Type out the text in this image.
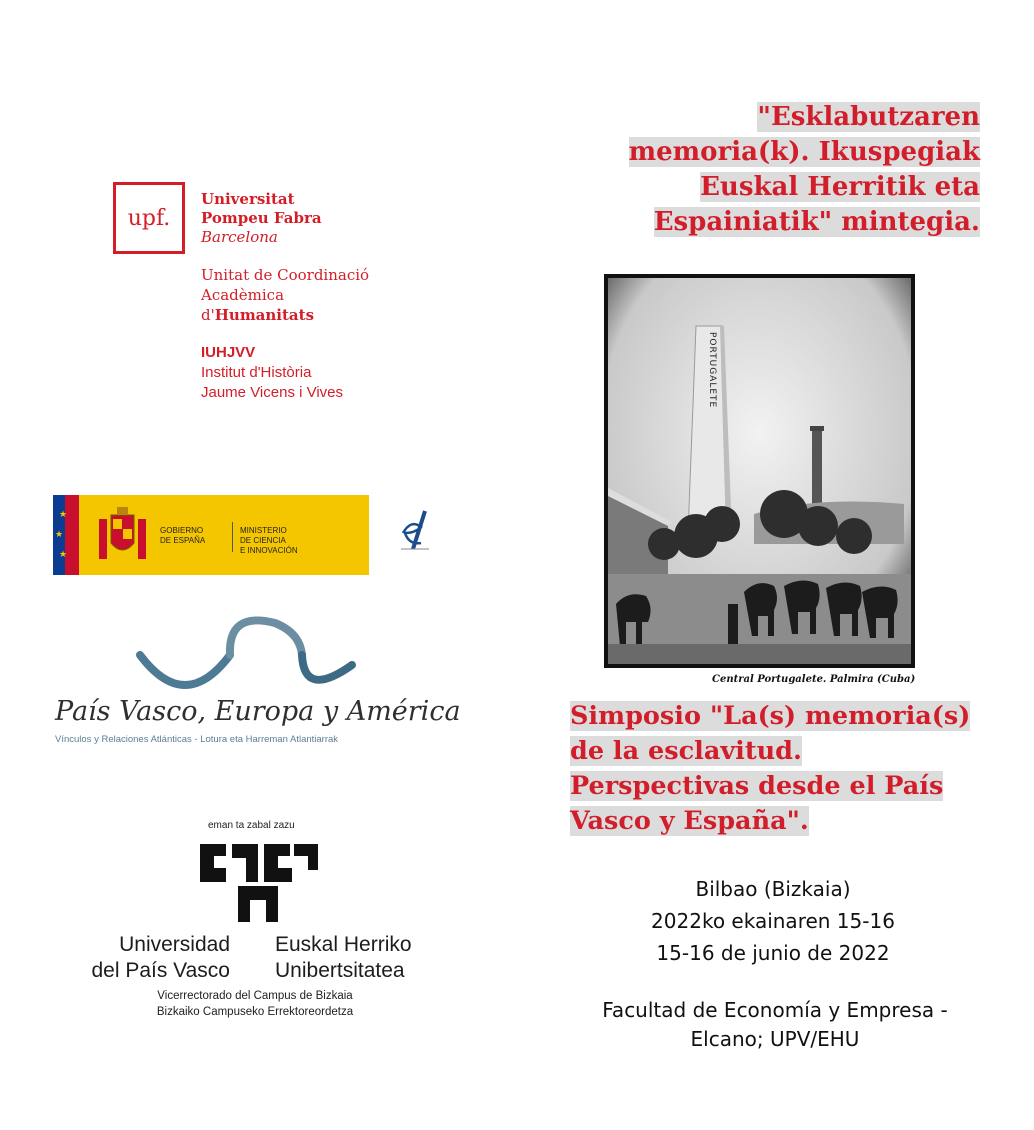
upf.
Universitat
Pompeu Fabra
Barcelona
Unitat de Coordinació
Acadèmica
d'Humanitats
IUHJVV
Institut d'Història
Jaume Vicens i Vives
★
★
★
GOBIERNO
DE ESPAÑA
MINISTERIO
DE CIENCIA
E INNOVACIÓN
País Vasco, Europa y América
Vínculos y Relaciones Atlánticas - Lotura eta Harreman Atlantiarrak
eman ta zabal zazu
Universidad
del País Vasco
Euskal Herriko
Unibertsitatea
Vicerrectorado del Campus de Bizkaia
Bizkaiko Campuseko Errektoreordetza
"Esklabutzaren
memoria(k). Ikuspegiak
Euskal Herritik eta
Espainiatik" mintegia.
PORTUGALETE
Central Portugalete. Palmira (Cuba)
Simposio "La(s) memoria(s)
de la esclavitud.
Perspectivas desde el País
Vasco y España".
Bilbao (Bizkaia)
2022ko ekainaren 15-16
15-16 de junio de 2022
Facultad de Economía y Empresa -
Elcano; UPV/EHU
